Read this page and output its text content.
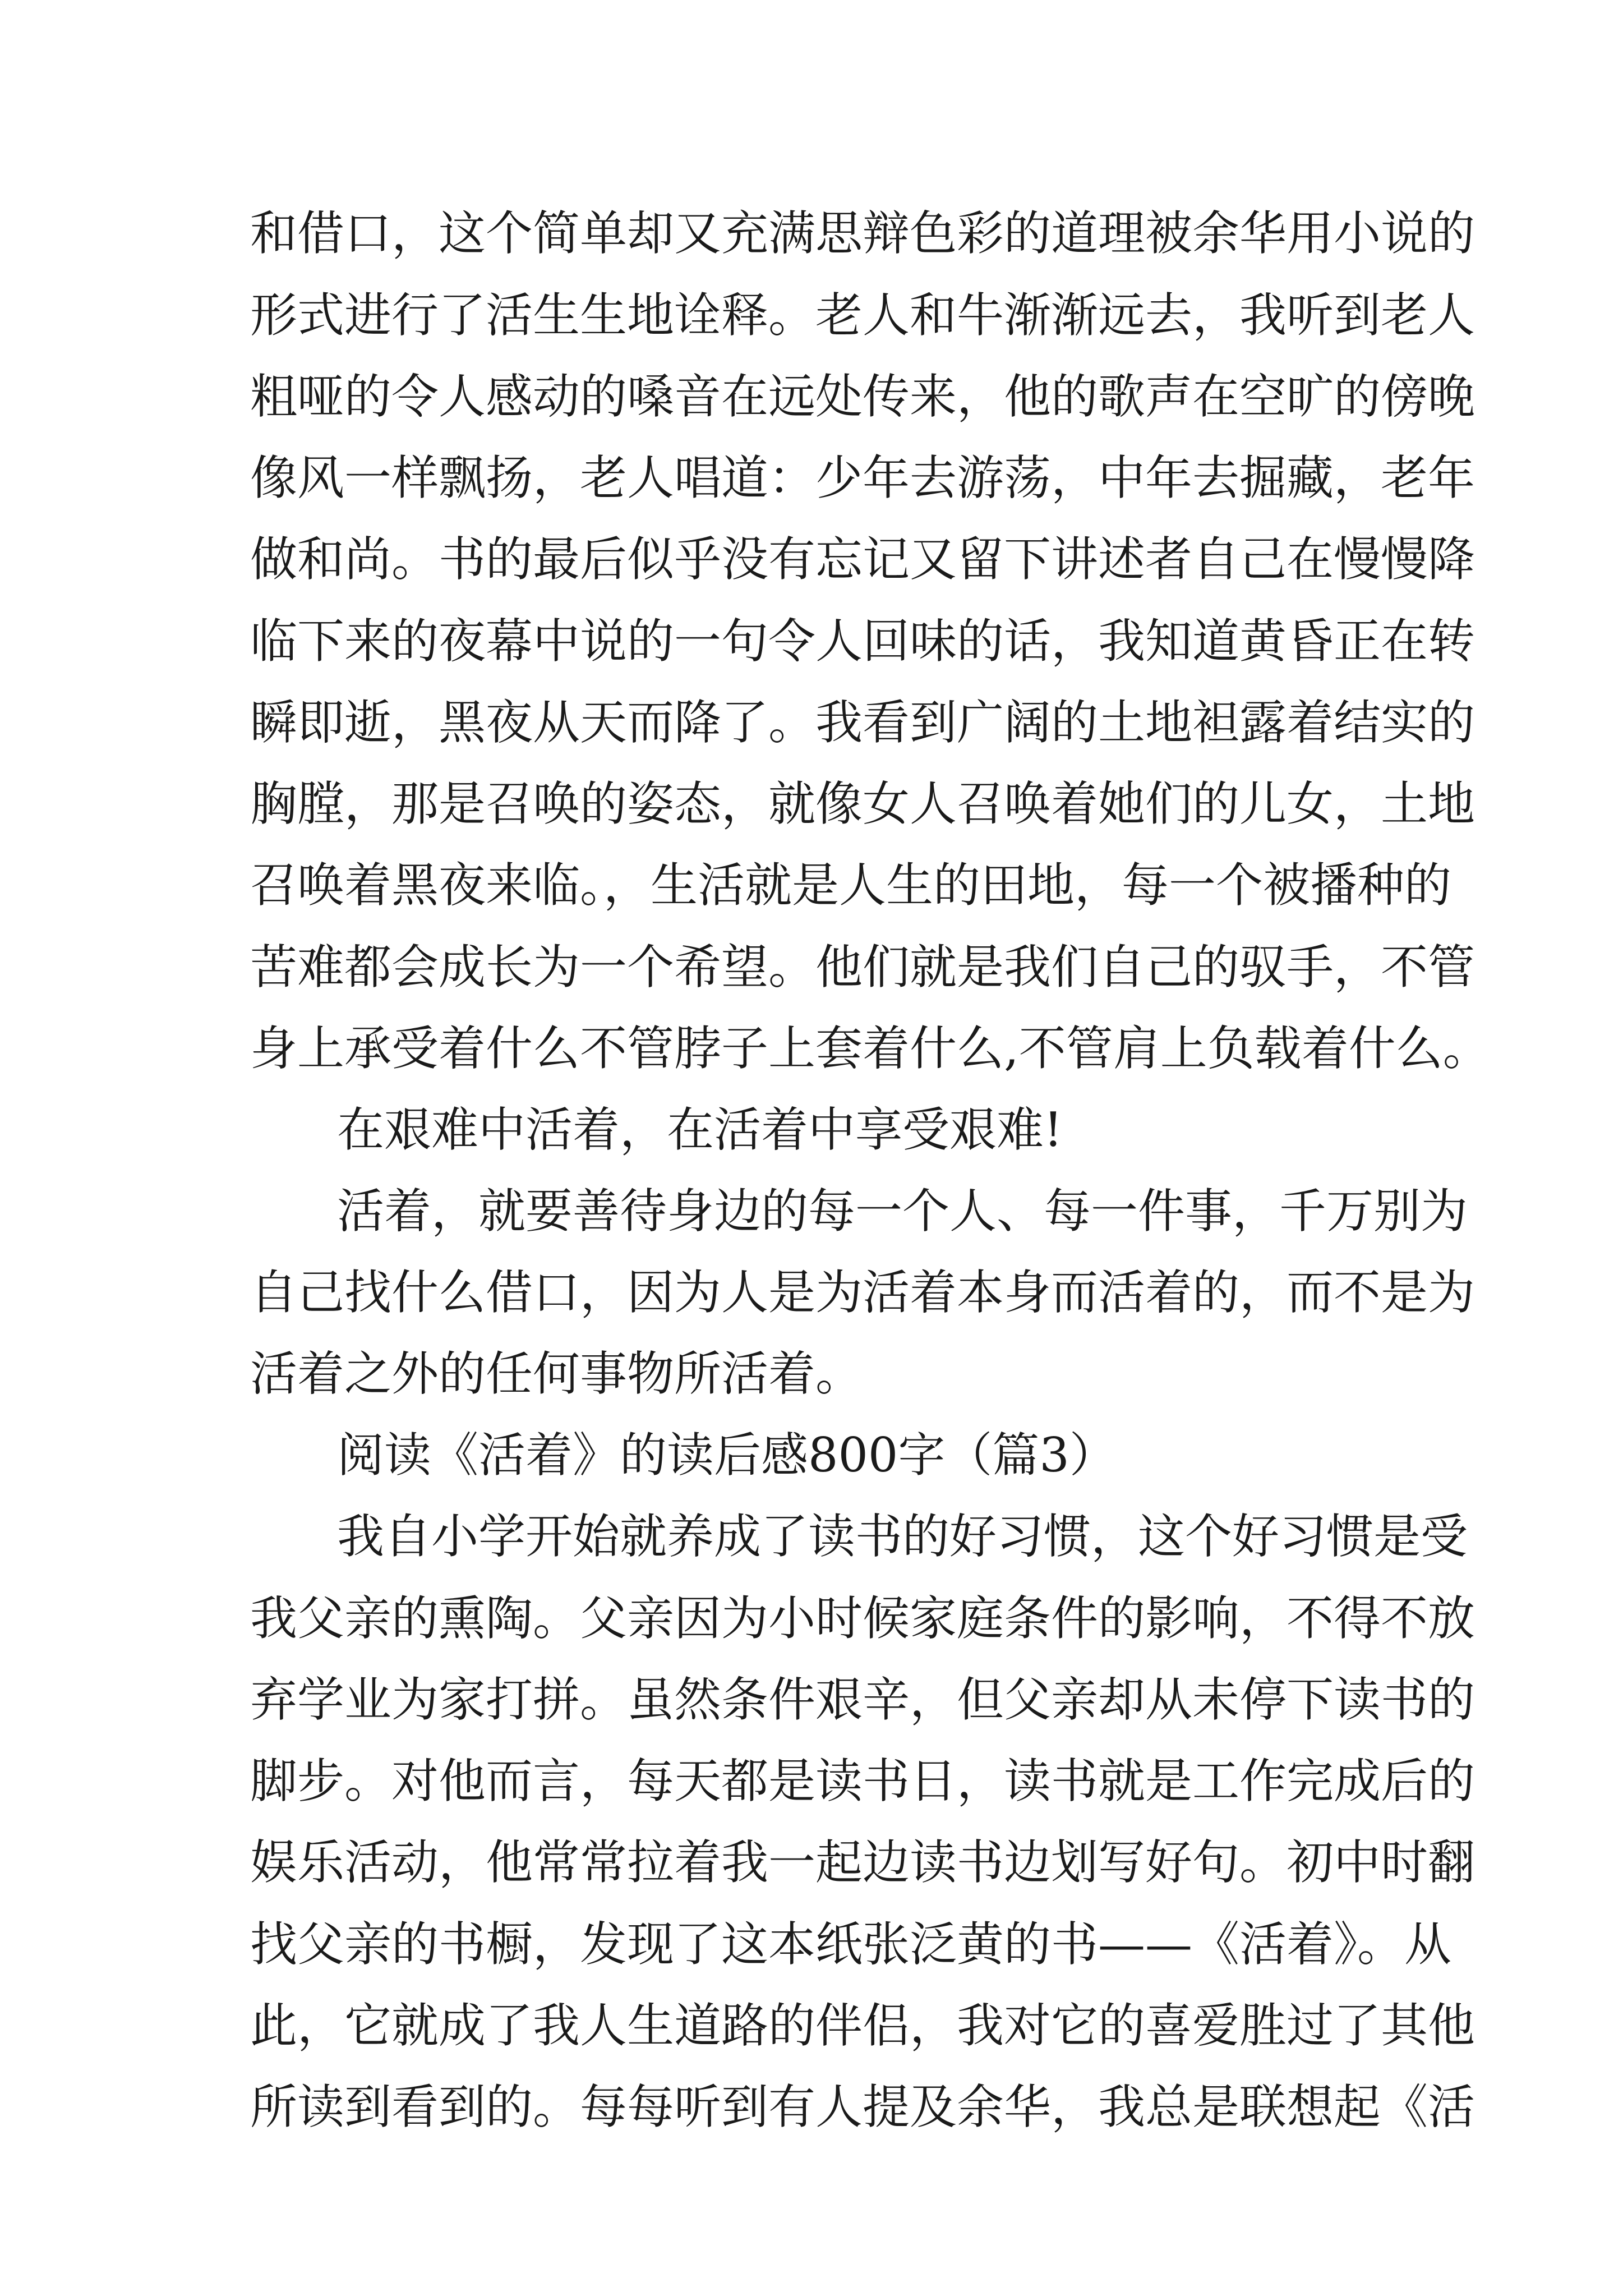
和借口，这个简单却又充满思辩色彩的道理被余华用小说的
形式进行了活生生地诠释。老人和牛渐渐远去，我听到老人
粗哑的令人感动的嗓音在远处传来，他的歌声在空旷的傍晚
像风一样飘扬，老人唱道：少年去游荡，中年去掘藏，老年
做和尚。书的最后似乎没有忘记又留下讲述者自己在慢慢降
临下来的夜幕中说的一句令人回味的话，我知道黄昏正在转
瞬即逝，黑夜从天而降了。我看到广阔的土地袒露着结实的
胸膛，那是召唤的姿态，就像女人召唤着她们的儿女，土地
召唤着黑夜来临。，生活就是人生的田地，每一个被播种的
苦难都会成长为一个希望。他们就是我们自己的驭手，不管
身上承受着什么不管脖子上套着什么,不管肩上负载着什么。
在艰难中活着，在活着中享受艰难!
活着，就要善待身边的每一个人、每一件事，千万别为
自己找什么借口，因为人是为活着本身而活着的，而不是为
活着之外的任何事物所活着。
阅读《活着》的读后感800字（篇3）
我自小学开始就养成了读书的好习惯，这个好习惯是受
我父亲的熏陶。父亲因为小时候家庭条件的影响，不得不放
弃学业为家打拼。虽然条件艰辛，但父亲却从未停下读书的
脚步。对他而言，每天都是读书日，读书就是工作完成后的
娱乐活动，他常常拉着我一起边读书边划写好句。初中时翻
找父亲的书橱，发现了这本纸张泛黄的书——《活着》。从
此，它就成了我人生道路的伴侣，我对它的喜爱胜过了其他
所读到看到的。每每听到有人提及余华，我总是联想起《活
